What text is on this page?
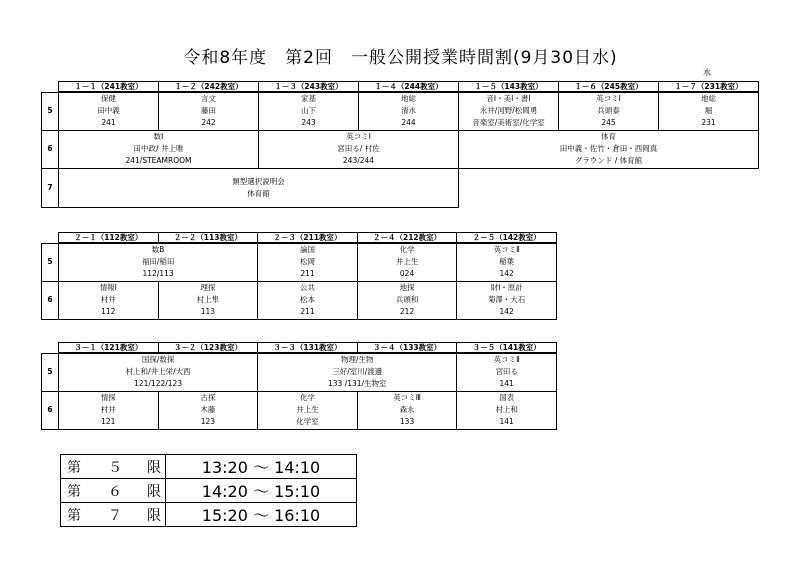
令和8年度　第2回　一般公開授業時間割(9月30日水)
水
	１－１（241教室）	１－２（242教室）	１－３（243教室）	１－４（244教室）	１－５（143教室）	１－６（245教室）	１－７（231教室）
5	保健
田中義
241	言文
藤田
242	家基
山下
243	地総
清水
244	音Ⅰ・美Ⅰ・書Ⅰ
永井/河野/松岡勇
音楽室/美術室/化学室	英コミⅠ
兵頭泰
245	地総
堀
231

6	数Ⅰ
田中政/ 井上唯
241/STEAMROOM		英コミⅠ
宮田る/ 村佐
243/244		体育
田中義・佐竹・倉田・西岡真
グラウンド / 体育館		

7	類型選択説明会
体育館						

	２－１（112教室）	２－２（113教室）	２－３（211教室）	２－４（212教室）	２－５（142教室）
5	数B
福田/稲田
112/113		論国
松岡
211	化学
井上生
024	英コミⅡ
稲葉
142

6	情報Ⅰ
村井
112	理探
村上隼
113	公共
松本
211	地探
兵頭和
212	財Ⅰ・原計
菊澤・大石
142
	３－１（121教室）	３－２（123教室）	３－３（131教室）	３－４（133教室）	３－５（141教室）
5	国探/数探
村上和/井上栄/大西
121/122/123		物理/生物
三好/室川/渡邊
133 /131/生物室		英コミⅡ
宮田る
141

6	情探
村井
121	古探
木藤
123	化学
井上生
化学室	英コミⅢ
森永
133	国表
村上和
141
第	５	限	13:20 〜 14:10
第	６	限	14:20 〜 15:10
第	７	限	15:20 〜 16:10
